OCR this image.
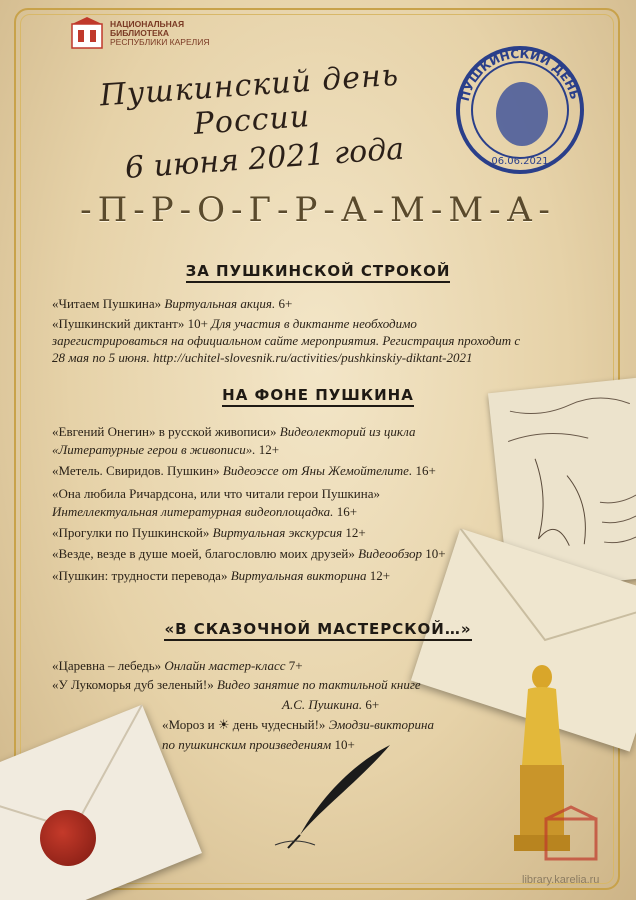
НАЦИОНАЛЬНАЯ
БИБЛИОТЕКА
РЕСПУБЛИКИ КАРЕЛИЯ
Пушкинский день России
6 июня 2021 года
ПУШКИНСКИЙ ДЕНЬ
06.06.2021
-П-Р-О-Г-Р-А-М-М-А-
ЗА ПУШКИНСКОЙ СТРОКОЙ
«Читаем Пушкина» Виртуальная акция. 6+
«Пушкинский диктант» 10+ Для участия в диктанте необходимо
зарегистрироваться на официальном сайте мероприятия. Регистрация проходит с
28 мая по 5 июня. http://uchitel-slovesnik.ru/activities/pushkinskiy-diktant-2021
НА ФОНЕ ПУШКИНА
«Евгений Онегин» в русской живописи» Видеолекторий из цикла
«Литературные герои в живописи». 12+
«Метель. Свиридов. Пушкин» Видеоэссе от Яны Жемойтелите. 16+
«Она любила Ричардсона, или что читали герои Пушкина»
Интеллектуальная литературная видеоплощадка. 16+
«Прогулки по Пушкинской» Виртуальная экскурсия 12+
«Везде, везде в душе моей, благословлю моих друзей» Видеообзор 10+
«Пушкин: трудности перевода» Виртуальная викторина 12+
«В СКАЗОЧНОЙ МАСТЕРСКОЙ…»
«Царевна – лебедь» Онлайн мастер-класс 7+
«У Лукоморья дуб зеленый!» Видео занятие по тактильной книге
А.С. Пушкина. 6+
«Мороз и ☀ день чудесный!» Эмодзи-викторина
по пушкинским произведениям 10+
library.karelia.ru
